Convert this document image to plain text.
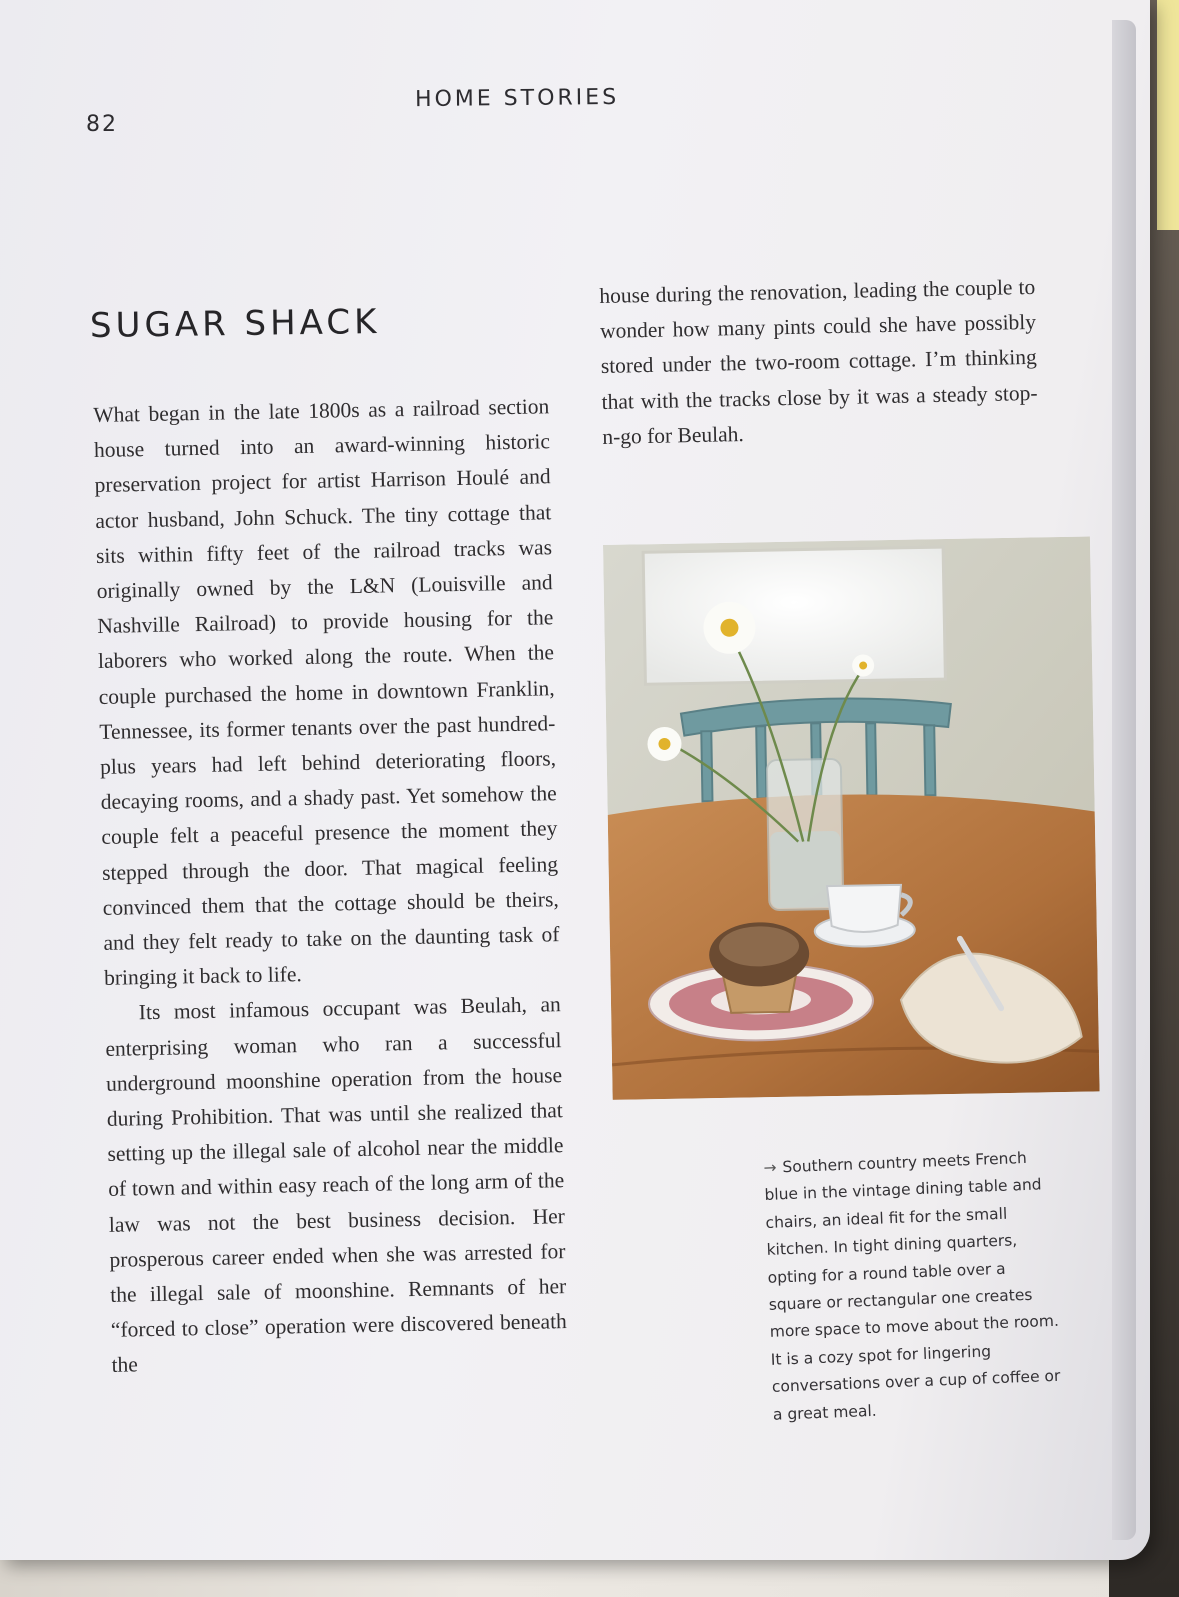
82
HOME STORIES
SUGAR SHACK

What began in the late 1800s as a railroad section house turned into an award-winning historic preservation project for artist Harrison Houlé and actor husband, John Schuck. The tiny cottage that sits within fifty feet of the railroad tracks was originally owned by the L&N (Louisville and Nashville Railroad) to provide housing for the laborers who worked along the route. When the couple purchased the home in downtown Franklin, Tennessee, its former tenants over the past hundred-plus years had left behind deteriorating floors, decaying rooms, and a shady past. Yet somehow the couple felt a peaceful presence the moment they stepped through the door. That magical feeling convinced them that the cottage should be theirs, and they felt ready to take on the daunting task of bringing it back to life.

Its most infamous occupant was Beulah, an enterprising woman who ran a successful underground moonshine operation from the house during Prohibition. That was until she realized that setting up the illegal sale of alcohol near the middle of town and within easy reach of the long arm of the law was not the best business decision. Her prosperous career ended when she was arrested for the illegal sale of moonshine. Remnants of her “forced to close” operation were discovered beneath the

house during the renovation, leading the couple to wonder how many pints could she have possibly stored under the two-room cottage. I’m thinking that with the tracks close by it was a steady stop-n-go for Beulah.

→ Southern country meets French blue in the vintage dining table and chairs, an ideal fit for the small kitchen. In tight dining quarters, opting for a round table over a square or rectangular one creates more space to move about the room. It is a cozy spot for lingering conversations over a cup of coffee or a great meal.
